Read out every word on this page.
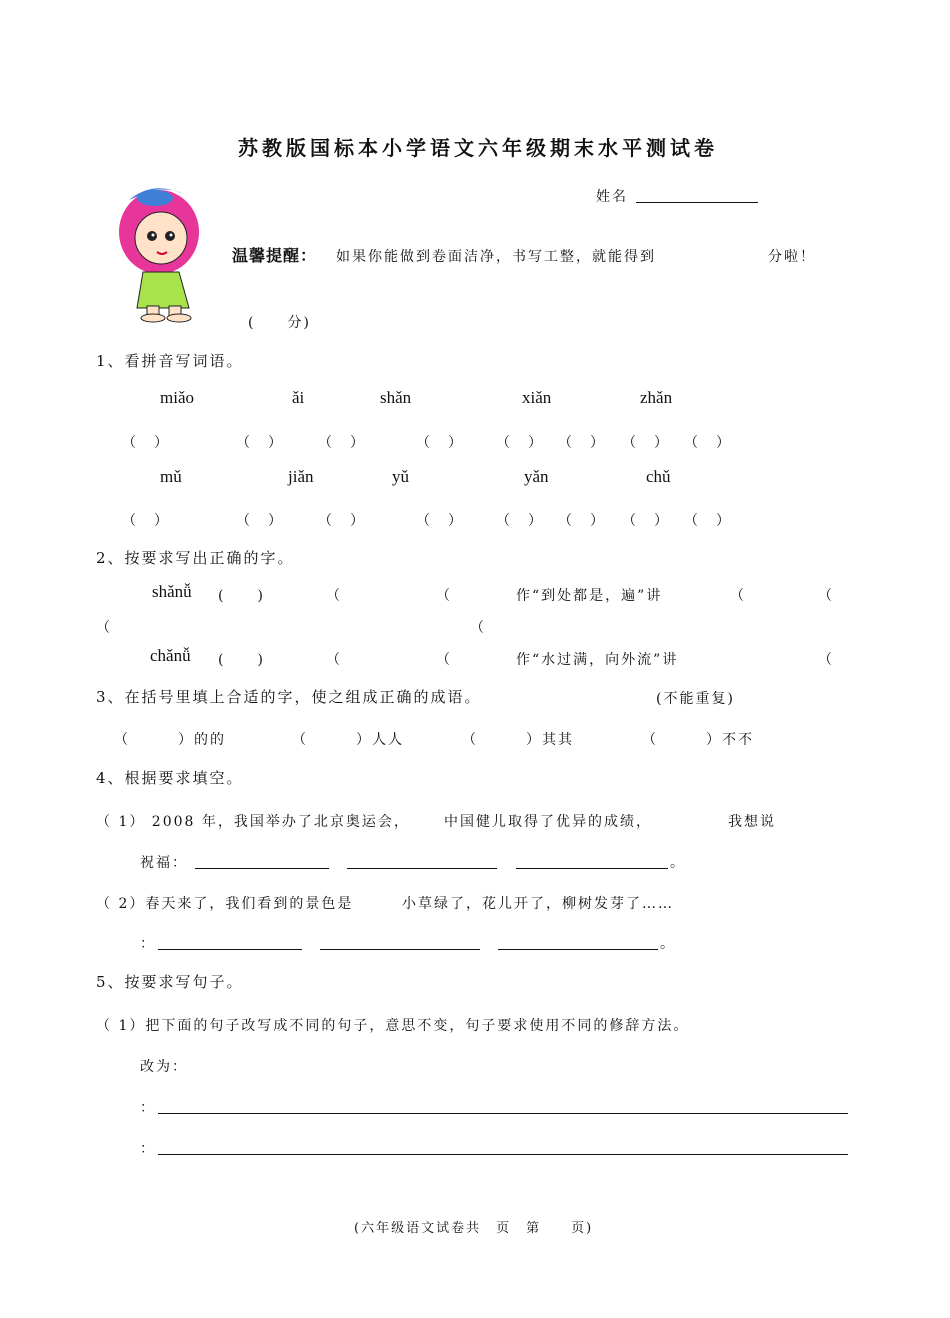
苏教版国标本小学语文六年级期末水平测试卷
姓名
温馨提醒： 如果你能做到卷面洁净，书写工整，就能得到	分啦！
(　　分)
1、看拼音写词语。
miǎo	ǎi	shǎn	xiǎn	zhǎn
（　）	（　） （　）	（　） （　） （　） （　） （　）
mǔ	jiǎn	yǔ	yǎn	chǔ
（　）	（　） （　）	（　） （　） （　） （　） （　）
2、按要求写出正确的字。
shǎnǚ (　　)	（	（	作“到处都是，遍”讲	（	（
（	（
chǎnǚ (　　)	（	（	作“水过满，向外流”讲	（
3、在括号里填上合适的字，使之组成正确的成语。	(不能重复)
（　　　）的的	（　　　）人人	（　　　）其其	（　　　）不不
4、根据要求填空。
（ 1） 2008 年，我国举办了北京奥运会， 中国健儿取得了优异的成绩，	我想说
祝福：	。
（ 2）春天来了，我们看到的景色是	小草绿了，花儿开了，柳树发芽了……
：	。
5、按要求写句子。
（ 1）把下面的句子改写成不同的句子，意思不变，句子要求使用不同的修辞方法。
改为：
：
：
(六年级语文试卷共　页　第　　页)
